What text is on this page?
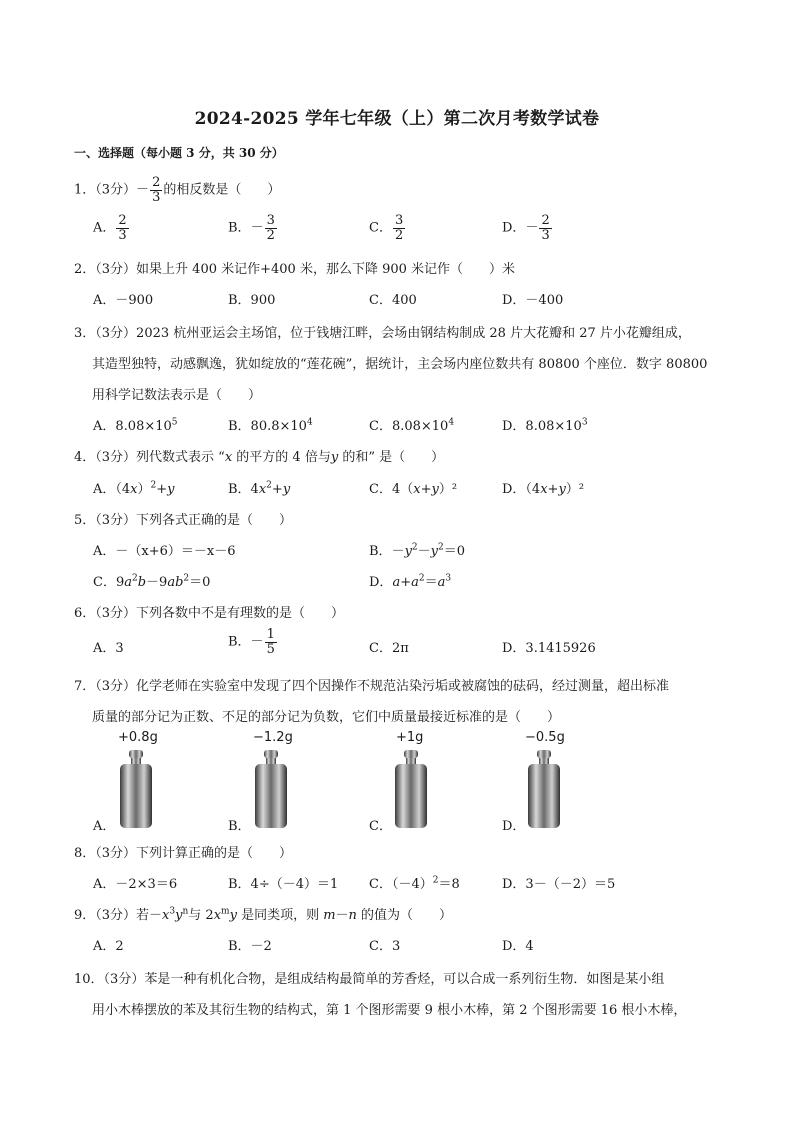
2024-2025 学年七年级（上）第二次月考数学试卷
一、选择题（每小题 3 分，共 30 分）
1．（3分）－ $\frac{2}{3}$ 的相反数是（　　）
A． $\frac{2}{3}$	B．－ $\frac{3}{2}$	C． $\frac{3}{2}$	D．－ $\frac{2}{3}$
2．（3分）如果上升 400 米记作+400 米，那么下降 900 米记作（　　）米
A．－900	B．900	C．400	D．－400
3．（3分）2023 杭州亚运会主场馆，位于钱塘江畔，会场由钢结构制成 28 片大花瓣和 27 片小花瓣组成，
其造型独特，动感飘逸，犹如绽放的“莲花碗”，据统计，主会场内座位数共有 80800 个座位．数字 80800
用科学记数法表示是（　　）
A．$8.08\times 10^5$	B．$80.8\times 10^4$	C．$8.08\times 10^4$	D．$8.08\times 10^3$
4．（3分）列代数式表示 “x 的平方的 4 倍与y 的和” 是（　　）
A．$(4x)^2+y$	B．$4x^2+y$	C．4（x+y）²	D．（4x+y）²
5．（3分）下列各式正确的是（　　）
A．－（x+6）＝－x－6	B．$-y^2-y^2=0$
C．$9a^2b-9ab^2=0$	D．$a+a^2=a^3$
6．（3分）下列各数中不是有理数的是（　　）
A．3	B．－ $\frac{1}{5}$	C．2π	D．3.1415926
7．（3分）化学老师在实验室中发现了四个因操作不规范沾染污垢或被腐蚀的砝码，经过测量，超出标准
质量的部分记为正数、不足的部分记为负数，它们中质量最接近标准的是（　　）
+0.8g	−1.2g	+1g	−0.5g
A．	B．	C．	D．
8．（3分）下列计算正确的是（　　）
A．－2×3＝6	B．4÷（－4）＝1 C．$(-4)^2=8$	D．3－（－2）＝5
9．（3分）若$-x^3y^n$与 $2x^my$ 是同类项，则 m－n 的值为（　　）
A．2	B．－2	C．3	D．4
10．（3分）苯是一种有机化合物，是组成结构最简单的芳香烃，可以合成一系列衍生物．如图是某小组
用小木棒摆放的苯及其衍生物的结构式，第 1 个图形需要 9 根小木棒，第 2 个图形需要 16 根小木棒，
